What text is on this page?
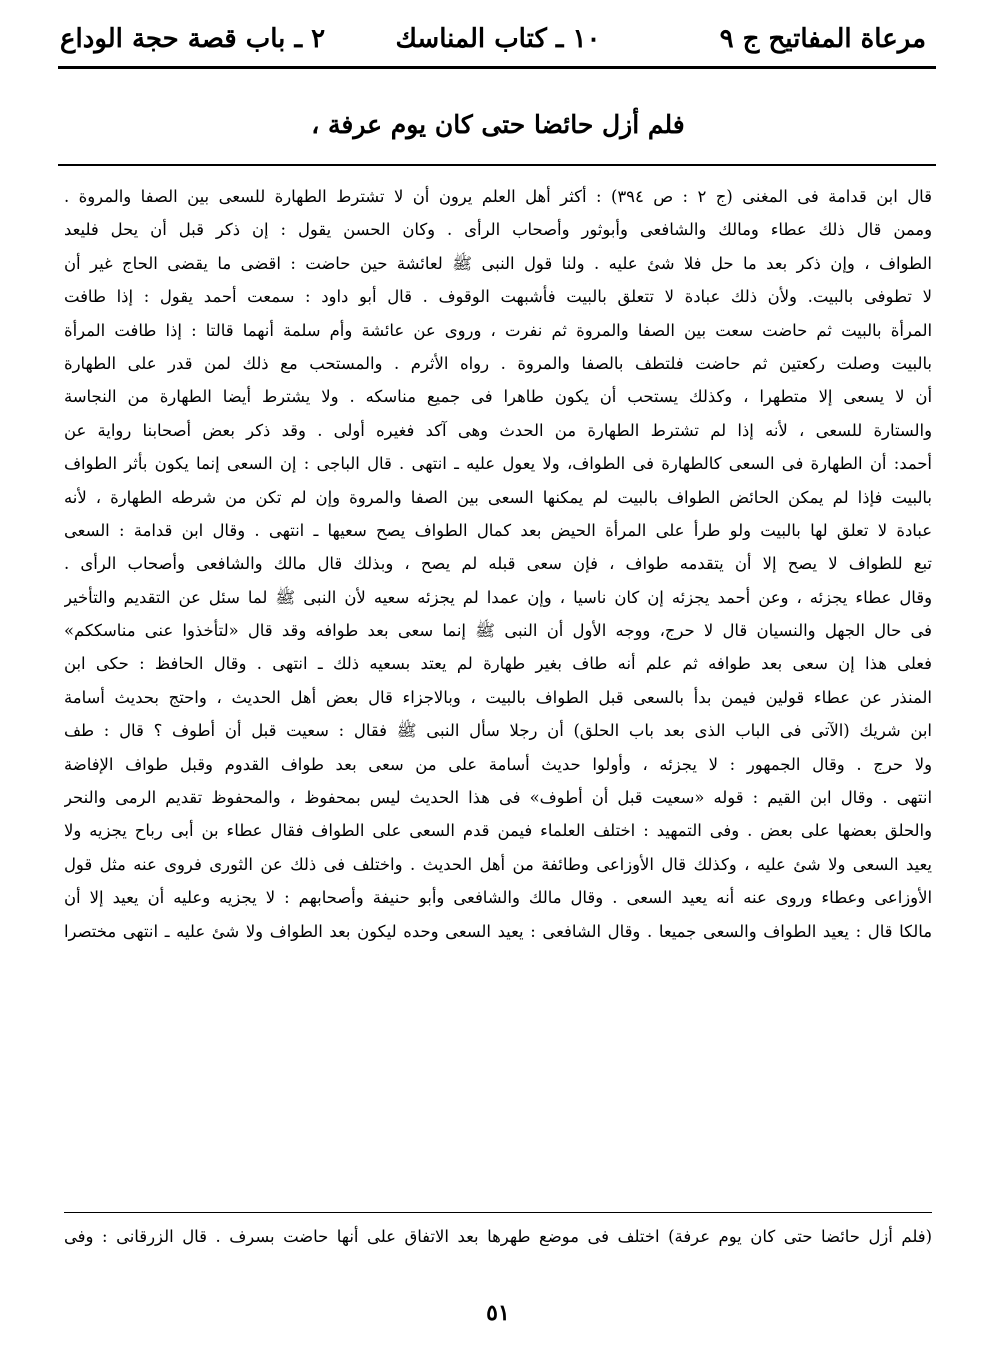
مرعاة المفاتيح ج ٩
١٠ ـ كتاب المناسك
٢ ـ باب قصة حجة الوداع
فلم أزل حائضا حتى كان يوم عرفة ،
قال ابن قدامة فى المغنى (ج ٢ : ص ٣٩٤) : أكثر أهل العلم يرون أن لا تشترط الطهارة للسعى بين الصفا والمروة .
وممن قال ذلك عطاء ومالك والشافعى وأبوثور وأصحاب الرأى . وكان الحسن يقول : إن ذكر قبل أن يحل فليعد
الطواف ، وإن ذكر بعد ما حل فلا شئ عليه . ولنا قول النبى ﷺ لعائشة حين حاضت : اقضى ما يقضى الحاج غير أن
لا تطوفى بالبيت. ولأن ذلك عبادة لا تتعلق بالبيت فأشبهت الوقوف . قال أبو داود : سمعت أحمد يقول : إذا طافت
المرأة بالبيت ثم حاضت سعت بين الصفا والمروة ثم نفرت ، وروى عن عائشة وأم سلمة أنهما قالتا : إذا طافت المرأة
بالبيت وصلت ركعتين ثم حاضت فلتطف بالصفا والمروة . رواه الأثرم . والمستحب مع ذلك لمن قدر على الطهارة
أن لا يسعى إلا متطهرا ، وكذلك يستحب أن يكون طاهرا فى جميع مناسكه . ولا يشترط أيضا الطهارة من النجاسة
والستارة للسعى ، لأنه إذا لم تشترط الطهارة من الحدث وهى آكد فغيره أولى . وقد ذكر بعض أصحابنا رواية عن
أحمد: أن الطهارة فى السعى كالطهارة فى الطواف، ولا يعول عليه ـ انتهى . قال الباجى : إن السعى إنما يكون بأثر الطواف
بالبيت فإذا لم يمكن الحائض الطواف بالبيت لم يمكنها السعى بين الصفا والمروة وإن لم تكن من شرطه الطهارة ، لأنه
عبادة لا تعلق لها بالبيت ولو طرأ على المرأة الحيض بعد كمال الطواف يصح سعيها ـ انتهى . وقال ابن قدامة : السعى
تبع للطواف لا يصح إلا أن يتقدمه طواف ، فإن سعى قبله لم يصح ، وبذلك قال مالك والشافعى وأصحاب الرأى .
وقال عطاء يجزئه ، وعن أحمد يجزئه إن كان ناسيا ، وإن عمدا لم يجزئه سعيه لأن النبى ﷺ لما سئل عن التقديم والتأخير
فى حال الجهل والنسيان قال لا حرج، ووجه الأول أن النبى ﷺ إنما سعى بعد طوافه وقد قال «لتأخذوا عنى مناسككم»
فعلى هذا إن سعى بعد طوافه ثم علم أنه طاف بغير طهارة لم يعتد بسعيه ذلك ـ انتهى . وقال الحافظ : حكى ابن
المنذر عن عطاء قولين فيمن بدأ بالسعى قبل الطواف بالبيت ، وبالاجزاء قال بعض أهل الحديث ، واحتج بحديث أسامة
ابن شريك (الآتى فى الباب الذى بعد باب الحلق) أن رجلا سأل النبى ﷺ فقال : سعيت قبل أن أطوف ؟ قال : طف
ولا حرج . وقال الجمهور : لا يجزئه ، وأولوا حديث أسامة على من سعى بعد طواف القدوم وقبل طواف الإفاضة
انتهى . وقال ابن القيم : قوله «سعيت قبل أن أطوف» فى هذا الحديث ليس بمحفوظ ، والمحفوظ تقديم الرمى والنحر
والحلق بعضها على بعض . وفى التمهيد : اختلف العلماء فيمن قدم السعى على الطواف فقال عطاء بن أبى رباح يجزيه ولا
يعيد السعى ولا شئ عليه ، وكذلك قال الأوزاعى وطائفة من أهل الحديث . واختلف فى ذلك عن الثورى فروى عنه مثل قول
الأوزاعى وعطاء وروى عنه أنه يعيد السعى . وقال مالك والشافعى وأبو حنيفة وأصحابهم : لا يجزيه وعليه أن يعيد إلا أن
مالكا قال : يعيد الطواف والسعى جميعا . وقال الشافعى : يعيد السعى وحده ليكون بعد الطواف ولا شئ عليه ـ انتهى مختصرا
(فلم أزل حائضا حتى كان يوم عرفة) اختلف فى موضع طهرها بعد الاتفاق على أنها حاضت بسرف . قال الزرقانى : وفى
٥١
